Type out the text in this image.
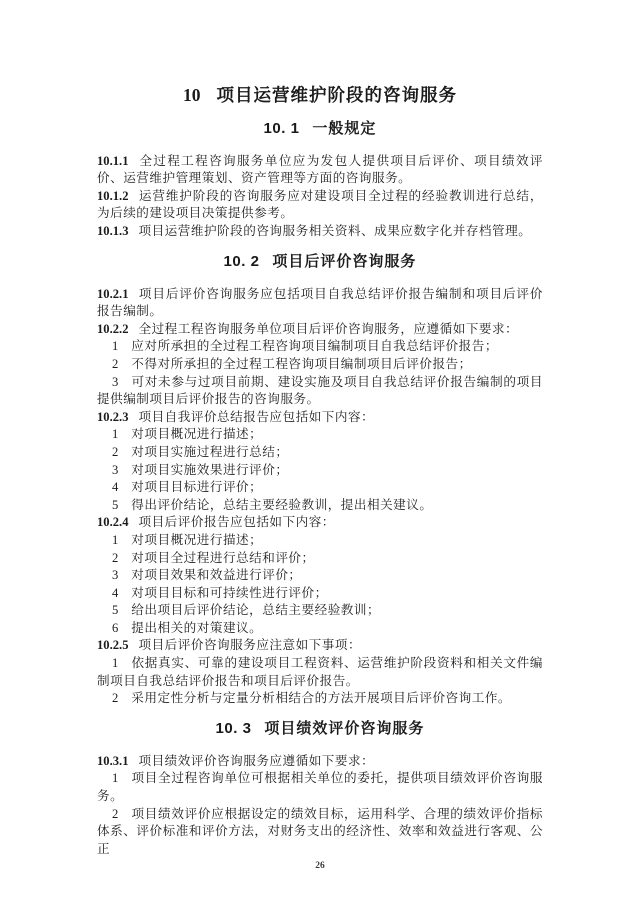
10 项目运营维护阶段的咨询服务
10. 1 一般规定

10.1.1 全过程工程咨询服务单位应为发包人提供项目后评价、项目绩效评价、运营维护管理策划、资产管理等方面的咨询服务。

10.1.2 运营维护阶段的咨询服务应对建设项目全过程的经验教训进行总结，为后续的建设项目决策提供参考。

10.1.3 项目运营维护阶段的咨询服务相关资料、成果应数字化并存档管理。

10. 2 项目后评价咨询服务

10.2.1 项目后评价咨询服务应包括项目自我总结评价报告编制和项目后评价报告编制。

10.2.2 全过程工程咨询服务单位项目后评价咨询服务，应遵循如下要求：

1 应对所承担的全过程工程咨询项目编制项目自我总结评价报告；

2 不得对所承担的全过程工程咨询项目编制项目后评价报告；

3 可对未参与过项目前期、建设实施及项目自我总结评价报告编制的项目提供编制项目后评价报告的咨询服务。

10.2.3 项目自我评价总结报告应包括如下内容：

1 对项目概况进行描述；

2 对项目实施过程进行总结；

3 对项目实施效果进行评价；

4 对项目目标进行评价；

5 得出评价结论，总结主要经验教训，提出相关建议。

10.2.4 项目后评价报告应包括如下内容：

1 对项目概况进行描述；

2 对项目全过程进行总结和评价；

3 对项目效果和效益进行评价；

4 对项目目标和可持续性进行评价；

5 给出项目后评价结论，总结主要经验教训；

6 提出相关的对策建议。

10.2.5 项目后评价咨询服务应注意如下事项：

1 依据真实、可靠的建设项目工程资料、运营维护阶段资料和相关文件编制项目自我总结评价报告和项目后评价报告。

2 采用定性分析与定量分析相结合的方法开展项目后评价咨询工作。

10. 3 项目绩效评价咨询服务

10.3.1 项目绩效评价咨询服务应遵循如下要求：

1 项目全过程咨询单位可根据相关单位的委托，提供项目绩效评价咨询服务。

2 项目绩效评价应根据设定的绩效目标，运用科学、合理的绩效评价指标体系、评价标准和评价方法，对财务支出的经济性、效率和效益进行客观、公正

26
